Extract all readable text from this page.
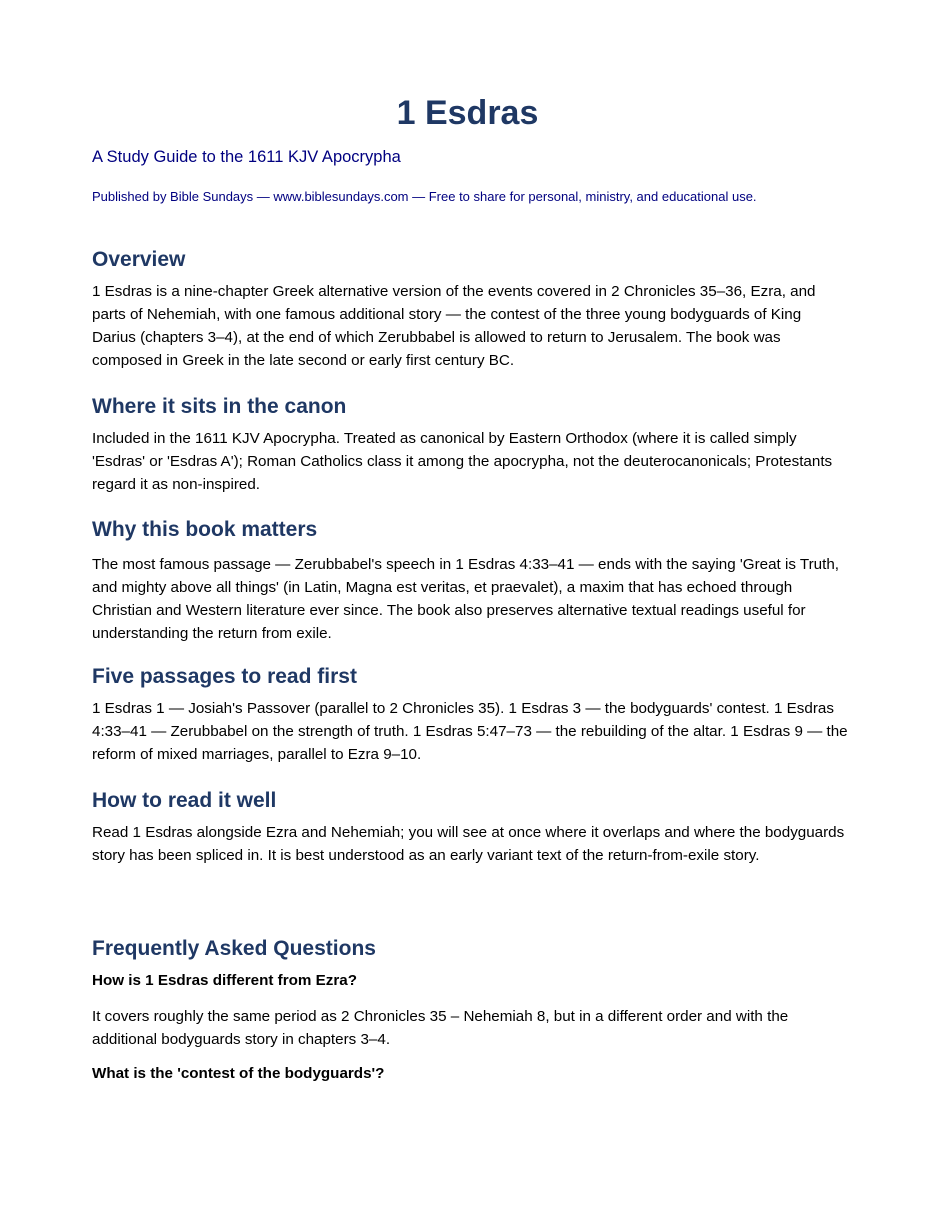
1 Esdras

A Study Guide to the 1611 KJV Apocrypha

Published by Bible Sundays — www.biblesundays.com — Free to share for personal, ministry, and educational use.

Overview

1 Esdras is a nine-chapter Greek alternative version of the events covered in 2 Chronicles 35–36, Ezra, and parts of Nehemiah, with one famous additional story — the contest of the three young bodyguards of King Darius (chapters 3–4), at the end of which Zerubbabel is allowed to return to Jerusalem. The book was composed in Greek in the late second or early first century BC.

Where it sits in the canon

Included in the 1611 KJV Apocrypha. Treated as canonical by Eastern Orthodox (where it is called simply 'Esdras' or 'Esdras A'); Roman Catholics class it among the apocrypha, not the deuterocanonicals; Protestants regard it as non-inspired.

Why this book matters

The most famous passage — Zerubbabel's speech in 1 Esdras 4:33–41 — ends with the saying 'Great is Truth, and mighty above all things' (in Latin, Magna est veritas, et praevalet), a maxim that has echoed through Christian and Western literature ever since. The book also preserves alternative textual readings useful for understanding the return from exile.

Five passages to read first

1 Esdras 1 — Josiah's Passover (parallel to 2 Chronicles 35). 1 Esdras 3 — the bodyguards' contest. 1 Esdras 4:33–41 — Zerubbabel on the strength of truth. 1 Esdras 5:47–73 — the rebuilding of the altar. 1 Esdras 9 — the reform of mixed marriages, parallel to Ezra 9–10.

How to read it well

Read 1 Esdras alongside Ezra and Nehemiah; you will see at once where it overlaps and where the bodyguards story has been spliced in. It is best understood as an early variant text of the return-from-exile story.

Frequently Asked Questions

How is 1 Esdras different from Ezra?

It covers roughly the same period as 2 Chronicles 35 – Nehemiah 8, but in a different order and with the additional bodyguards story in chapters 3–4.

What is the 'contest of the bodyguards'?
